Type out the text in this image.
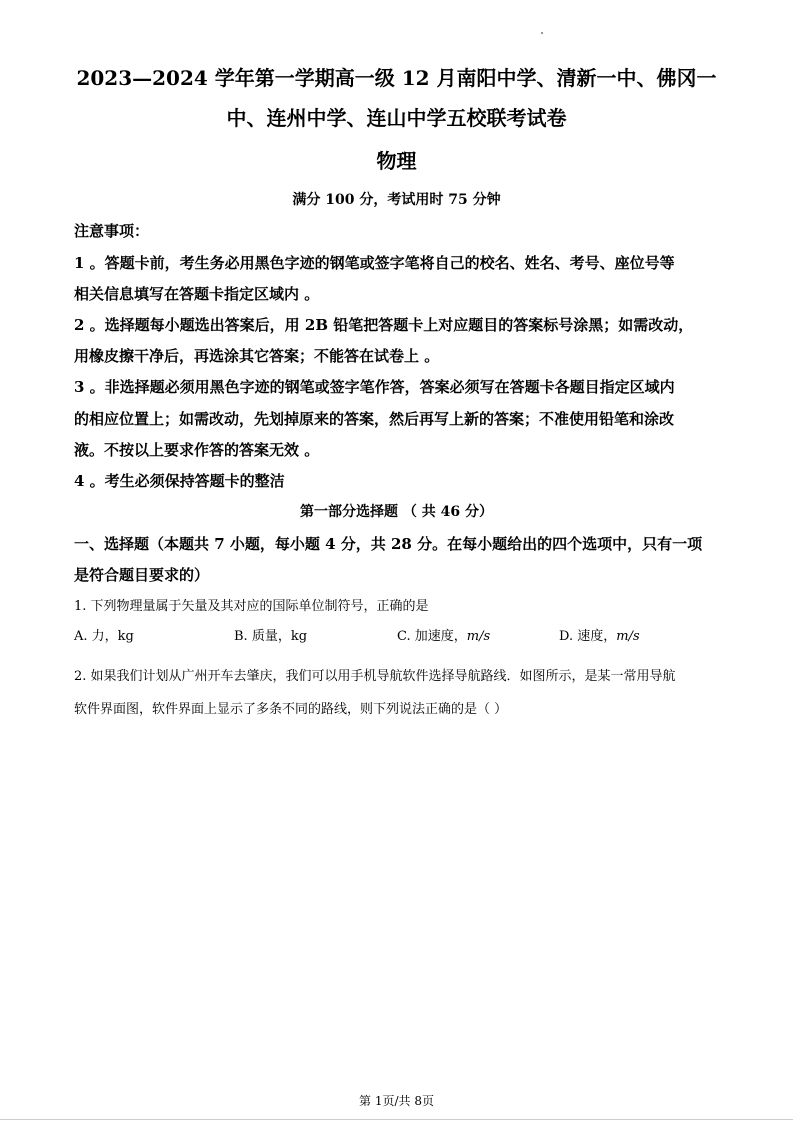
2023—2024 学年第一学期高一级 12 月南阳中学、清新一中、佛冈一
中、连州中学、连山中学五校联考试卷
物理
满分 100 分，考试用时 75 分钟
注意事项：
1 。答题卡前，考生务必用黑色字迹的钢笔或签字笔将自己的校名、姓名、考号、座位号等
相关信息填写在答题卡指定区域内 。
2 。选择题每小题选出答案后，用 2B 铅笔把答题卡上对应题目的答案标号涂黑；如需改动，
用橡皮擦干净后，再选涂其它答案；不能答在试卷上 。
3 。非选择题必须用黑色字迹的钢笔或签字笔作答，答案必须写在答题卡各题目指定区域内
的相应位置上；如需改动，先划掉原来的答案，然后再写上新的答案；不准使用铅笔和涂改
液。不按以上要求作答的答案无效 。
4 。考生必须保持答题卡的整洁
第一部分选择题 （ 共 46 分）
一、选择题（本题共 7 小题，每小题 4 分，共 28 分。在每小题给出的四个选项中，只有一项
是符合题目要求的）
1. 下列物理量属于矢量及其对应的国际单位制符号，正确的是
A. 力，kg	B. 质量，kg	C. 加速度，m/s	D. 速度，m/s
2. 如果我们计划从广州开车去肇庆，我们可以用手机导航软件选择导航路线．如图所示，是某一常用导航
软件界面图，软件界面上显示了多条不同的路线，则下列说法正确的是（ ）
第 1页/共 8页
